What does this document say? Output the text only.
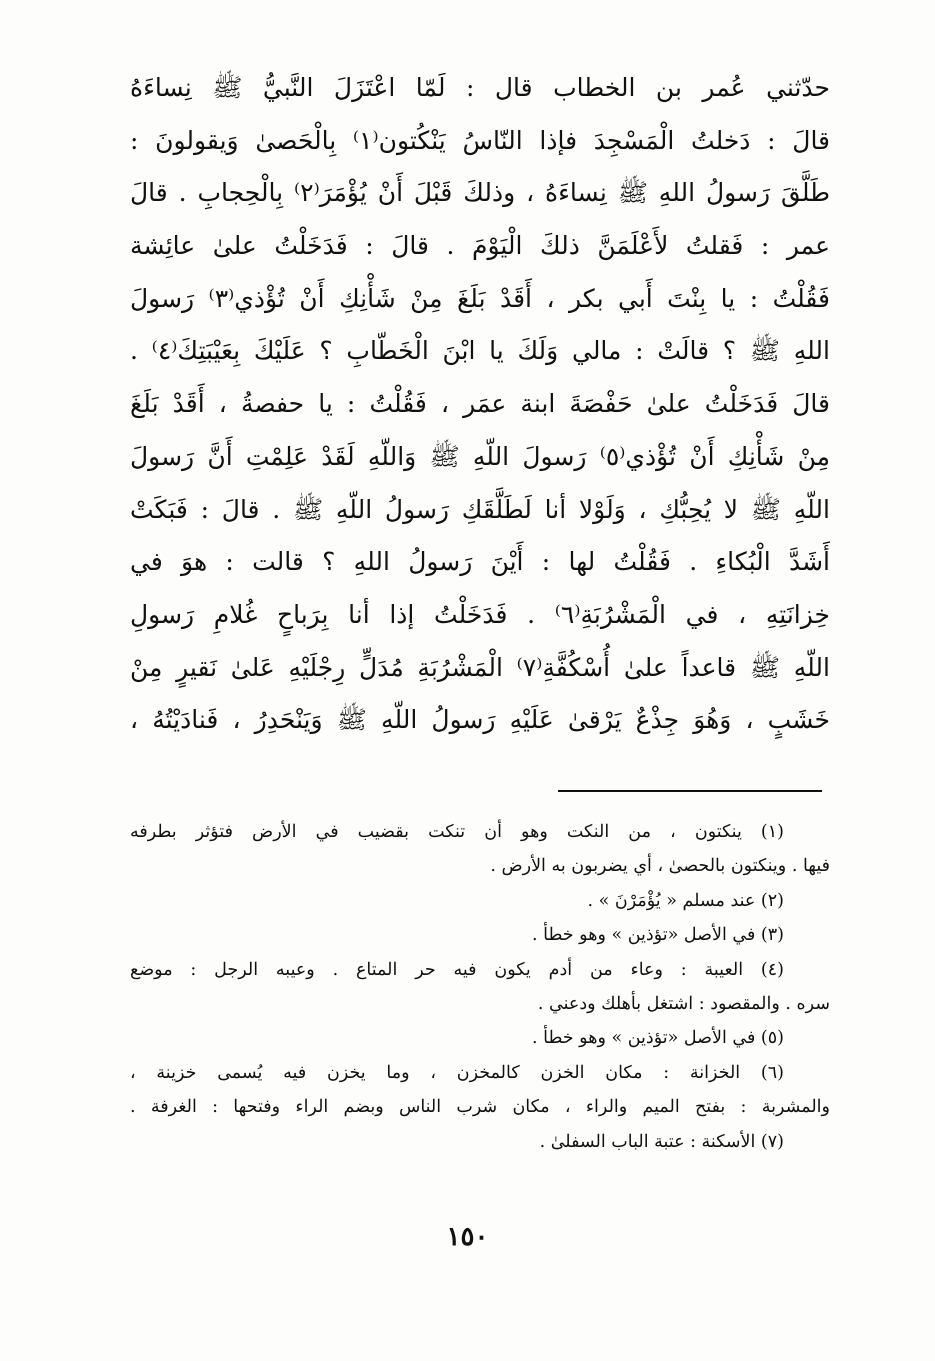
حدّثني عُمر بن الخطاب قال : لَمّا اعْتَزَلَ النَّبيُّ ﷺ نِساءَهُ
قالَ : دَخلتُ الْمَسْجِدَ فإذا النّاسُ يَنْكُتون⁽١⁾ بِالْحَصىٰ وَيقولونَ :
طَلَّقَ رَسولُ اللهِ ﷺ نِساءَهُ ، وذلكَ قَبْلَ أَنْ يُؤْمَرَ⁽٢⁾ بِالْحِجابِ . قالَ
عمر : فَقلتُ لأَعْلَمَنَّ ذلكَ الْيَوْمَ . قالَ : فَدَخَلْتُ علىٰ عائِشة
فَقُلْتُ : يا بِنْتَ أَبي بكر ، أَقَدْ بَلَغَ مِنْ شَأْنِكِ أَنْ تُؤْذي⁽٣⁾ رَسولَ
اللهِ ﷺ ؟ قالَتْ : مالي وَلَكَ يا ابْنَ الْخَطّابِ ؟ عَلَيْكَ بِعَيْبَتِكَ⁽٤⁾ .
قالَ فَدَخَلْتُ علىٰ حَفْصَةَ ابنة عمَر ، فَقُلْتُ : يا حفصةُ ، أَقَدْ بَلَغَ
مِنْ شَأْنِكِ أَنْ تُؤْذي⁽٥⁾ رَسولَ اللّهِ ﷺ وَاللّهِ لَقَدْ عَلِمْتِ أَنَّ رَسولَ
اللّهِ ﷺ لا يُحِبُّكِ ، وَلَوْلا أنا لَطَلَّقَكِ رَسولُ اللّهِ ﷺ . قالَ : فَبَكَتْ
أَشَدَّ الْبُكاءِ . فَقُلْتُ لها : أَيْنَ رَسولُ اللهِ ؟ قالت : هوَ في
خِزانَتِهِ ، في الْمَشْرُبَةِ⁽٦⁾ . فَدَخَلْتُ إذا أنا بِرَباحٍ غُلامِ رَسولِ
اللّهِ ﷺ قاعداً علىٰ أُسْكُفَّةِ⁽٧⁾ الْمَشْرُبَةِ مُدَلٍّ رِجْلَيْهِ عَلىٰ نَقيرٍ مِنْ
خَشَبٍ ، وَهُوَ جِذْعٌ يَرْقىٰ عَلَيْهِ رَسولُ اللّهِ ﷺ وَيَنْحَدِرُ ، فَنادَيْتُهُ ،
(١) ينكتون ، من النكت وهو أن تنكت بقضيب في الأرض فتؤثر بطرفه
فيها . وينكتون بالحصىٰ ، أي يضربون به الأرض .
(٢) عند مسلم « يُؤْمَرْنَ » .
(٣) في الأصل «تؤذين » وهو خطأ .
(٤) العيبة : وعاء من أدم يكون فيه حر المتاع . وعيبه الرجل : موضع
سره . والمقصود : اشتغل بأهلك ودعني .
(٥) في الأصل «تؤذين » وهو خطأ .
(٦) الخزانة : مكان الخزن كالمخزن ، وما يخزن فيه يُسمى خزينة ،
والمشربة : بفتح الميم والراء ، مكان شرب الناس وبضم الراء وفتحها : الغرفة .
(٧) الأسكنة : عتبة الباب السفلىٰ .
١٥٠
